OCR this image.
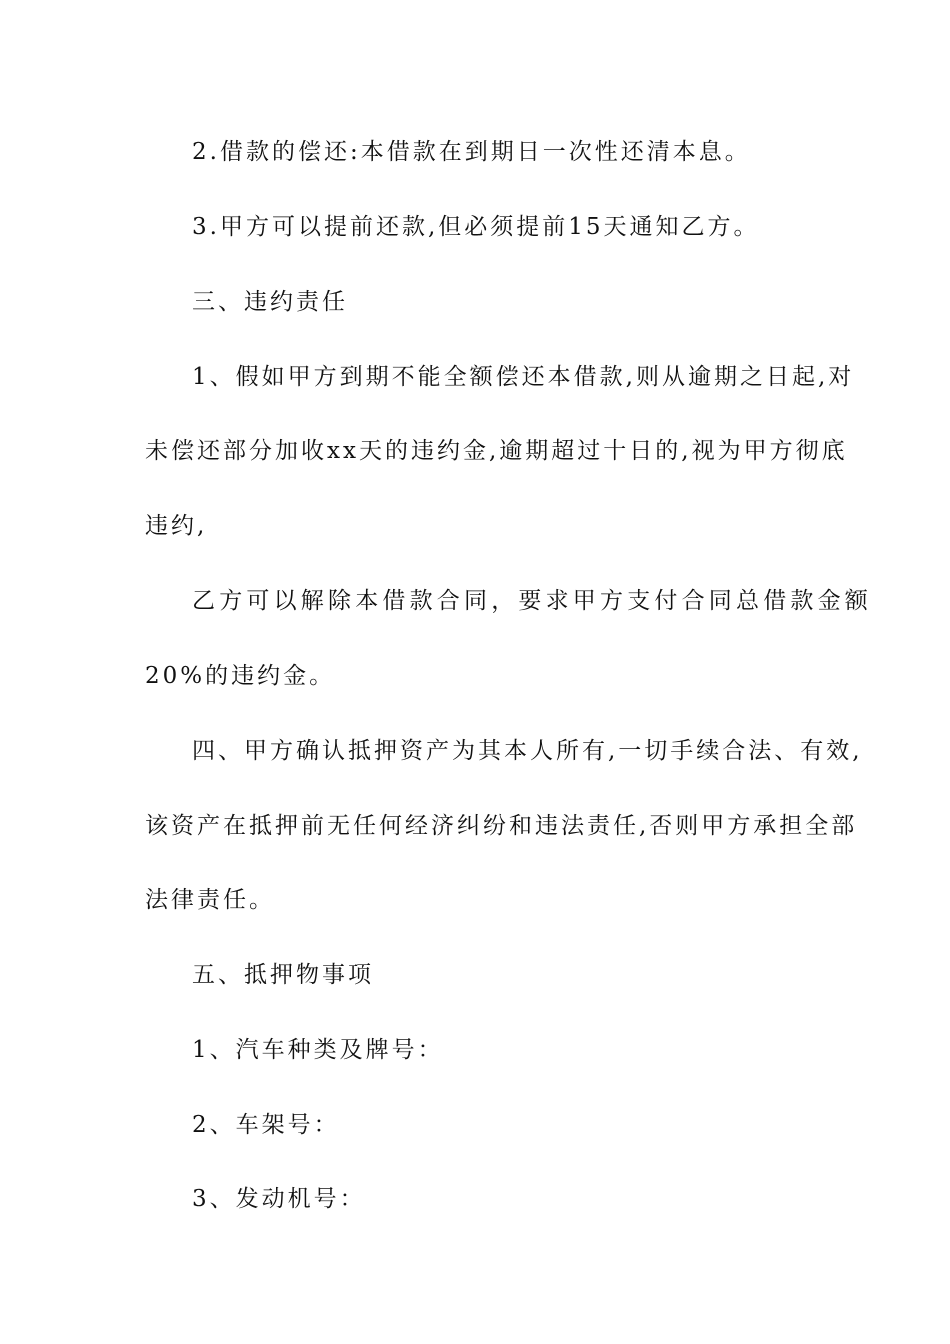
2.借款的偿还:本借款在到期日一次性还清本息。
3.甲方可以提前还款,但必须提前15天通知乙方。
三、违约责任
1、假如甲方到期不能全额偿还本借款,则从逾期之日起,对
未偿还部分加收xx天的违约金,逾期超过十日的,视为甲方彻底
违约,
乙方可以解除本借款合同，要求甲方支付合同总借款金额
20%的违约金。
四、甲方确认抵押资产为其本人所有,一切手续合法、有效,
该资产在抵押前无任何经济纠纷和违法责任,否则甲方承担全部
法律责任。
五、抵押物事项
1、汽车种类及牌号：
2、车架号：
3、发动机号：
